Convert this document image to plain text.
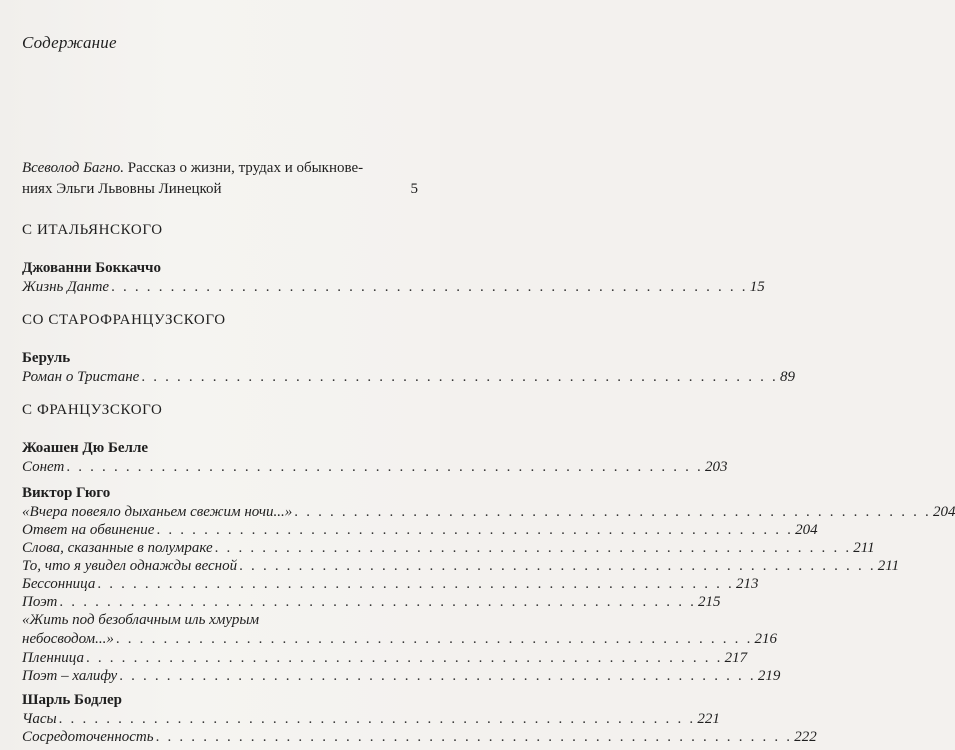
Содержание
Всеволод Багно. Рассказ о жизни, трудах и обыкнове-
ниях Эльги Львовны Линецкой	5
С ИТАЛЬЯНСКОГО
Джованни Боккаччо
Жизнь Данте . . . . . . . . . . . . . . . . . . . . . . . . . . . . . . . . . . . . . . . . . . . . . . . . . . . . . . 15
СО СТАРОФРАНЦУЗСКОГО
Беруль
Роман о Тристане . . . . . . . . . . . . . . . . . . . . . . . . . . . . . . . . . . . . . . . . . . . . . . . . . . . . . . 89
С ФРАНЦУЗСКОГО
Жоашен Дю Белле
Сонет . . . . . . . . . . . . . . . . . . . . . . . . . . . . . . . . . . . . . . . . . . . . . . . . . . . . . . 203
Виктор Гюго
«Вчера повеяло дыханьем свежим ночи...» . . . . . . . . . . . . . . . . . . . . . . . . . . . . . . . . . . . . . . . . . . . . . . . . . . . . . . 204
Ответ на обвинение . . . . . . . . . . . . . . . . . . . . . . . . . . . . . . . . . . . . . . . . . . . . . . . . . . . . . . 204
Слова, сказанные в полумраке . . . . . . . . . . . . . . . . . . . . . . . . . . . . . . . . . . . . . . . . . . . . . . . . . . . . . . 211
То, что я увидел однажды весной . . . . . . . . . . . . . . . . . . . . . . . . . . . . . . . . . . . . . . . . . . . . . . . . . . . . . . 211
Бессонница . . . . . . . . . . . . . . . . . . . . . . . . . . . . . . . . . . . . . . . . . . . . . . . . . . . . . . 213
Поэт . . . . . . . . . . . . . . . . . . . . . . . . . . . . . . . . . . . . . . . . . . . . . . . . . . . . . . 215
«Жить под безоблачным иль хмурым
небосводом...» . . . . . . . . . . . . . . . . . . . . . . . . . . . . . . . . . . . . . . . . . . . . . . . . . . . . . . 216
Пленница . . . . . . . . . . . . . . . . . . . . . . . . . . . . . . . . . . . . . . . . . . . . . . . . . . . . . . 217
Поэт – халифу . . . . . . . . . . . . . . . . . . . . . . . . . . . . . . . . . . . . . . . . . . . . . . . . . . . . . . 219
Шарль Бодлер
Часы . . . . . . . . . . . . . . . . . . . . . . . . . . . . . . . . . . . . . . . . . . . . . . . . . . . . . . 221
Сосредоточенность . . . . . . . . . . . . . . . . . . . . . . . . . . . . . . . . . . . . . . . . . . . . . . . . . . . . . . 222
